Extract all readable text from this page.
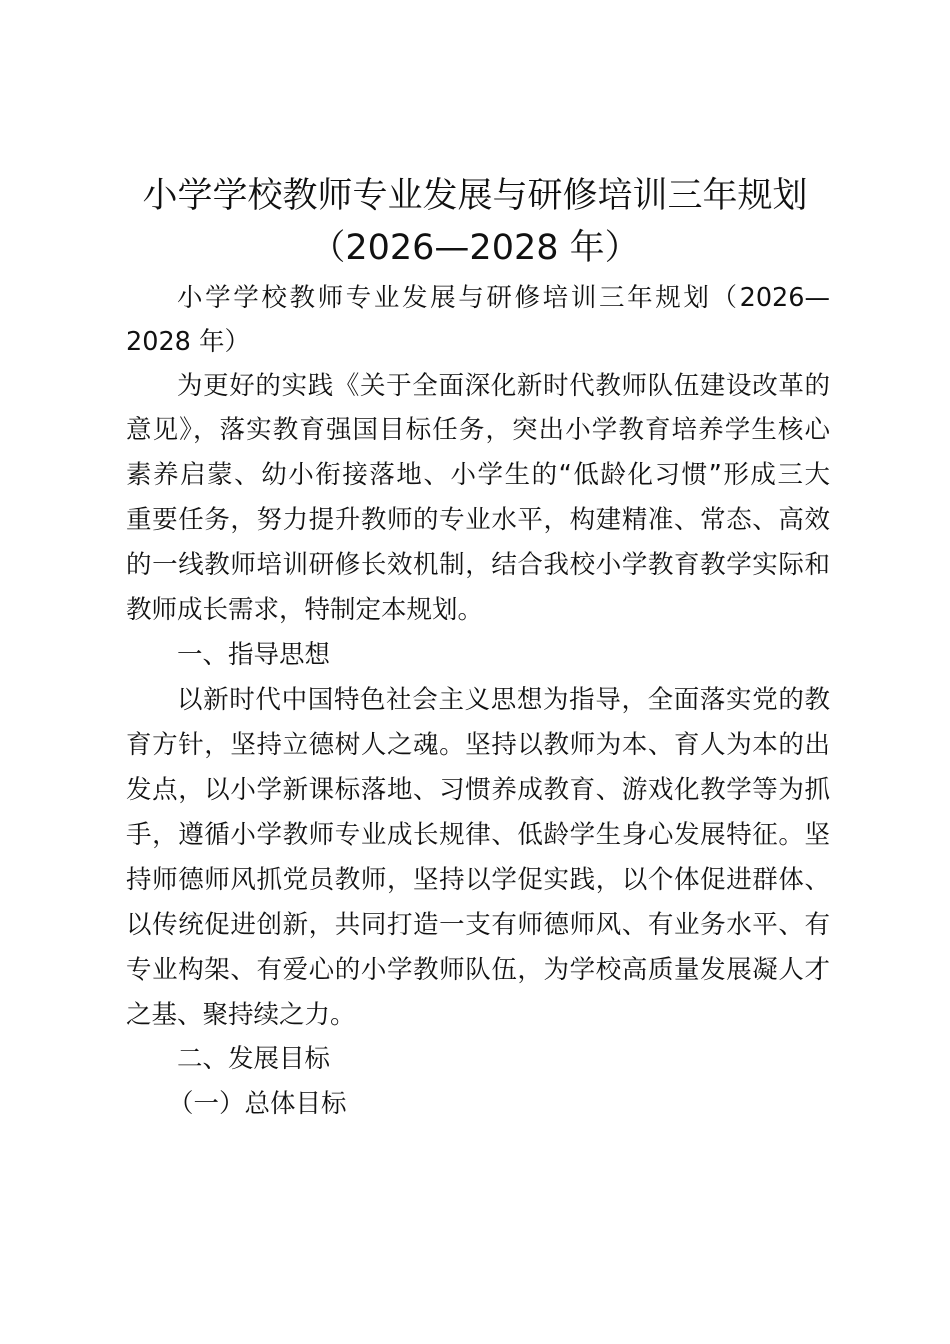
小学学校教师专业发展与研修培训三年规划
（2026—2028 年）

小学学校教师专业发展与研修培训三年规划（2026—

2028 年）

为更好的实践《关于全面深化新时代教师队伍建设改革的

意见》，落实教育强国目标任务，突出小学教育培养学生核心

素养启蒙、幼小衔接落地、小学生的“低龄化习惯”形成三大

重要任务，努力提升教师的专业水平，构建精准、常态、高效

的一线教师培训研修长效机制，结合我校小学教育教学实际和

教师成长需求，特制定本规划。

一、指导思想

以新时代中国特色社会主义思想为指导，全面落实党的教

育方针，坚持立德树人之魂。坚持以教师为本、育人为本的出

发点，以小学新课标落地、习惯养成教育、游戏化教学等为抓

手，遵循小学教师专业成长规律、低龄学生身心发展特征。坚

持师德师风抓党员教师，坚持以学促实践，以个体促进群体、

以传统促进创新，共同打造一支有师德师风、有业务水平、有

专业构架、有爱心的小学教师队伍，为学校高质量发展凝人才

之基、聚持续之力。

二、发展目标

（一）总体目标
